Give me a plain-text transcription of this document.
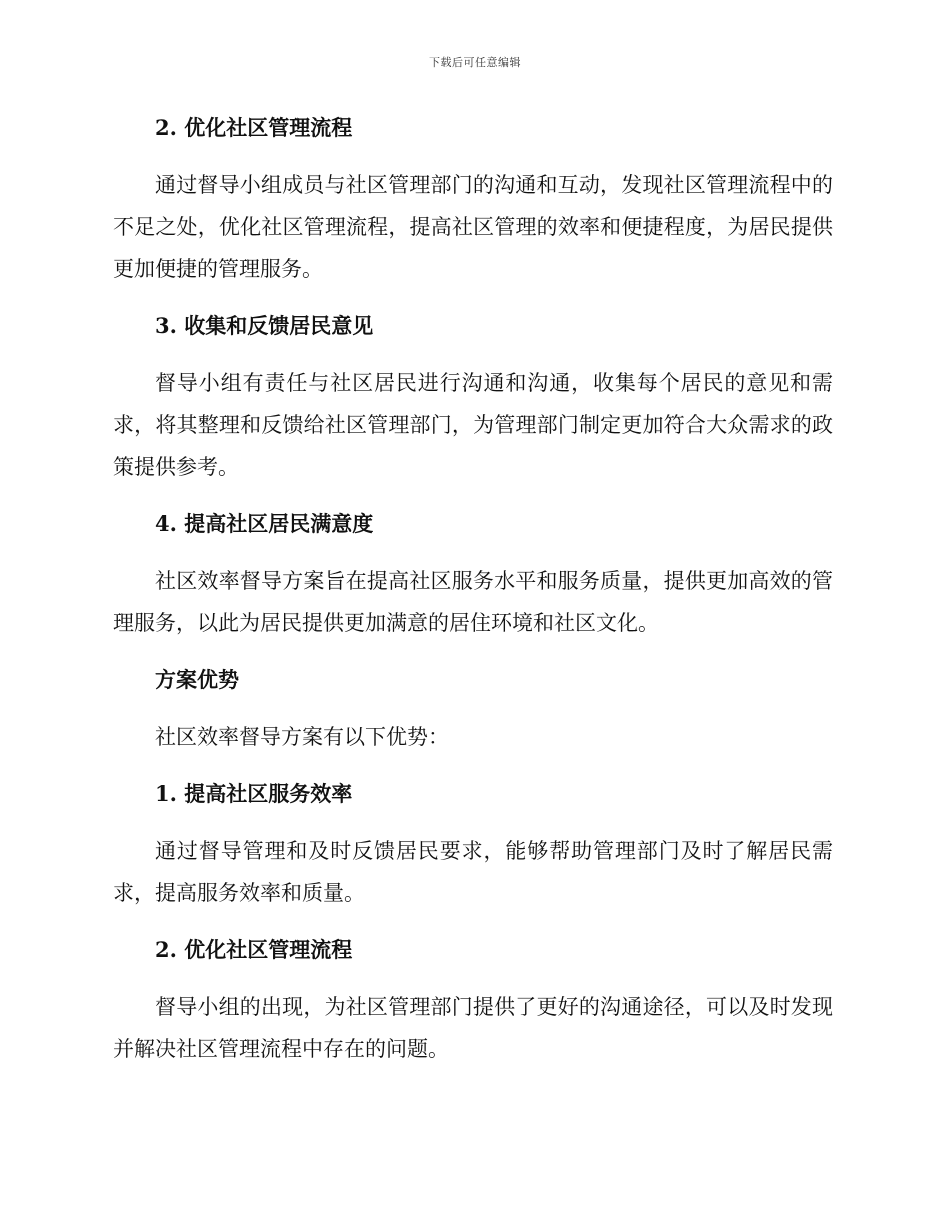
下载后可任意编辑
2. 优化社区管理流程
通过督导小组成员与社区管理部门的沟通和互动，发现社区管理流程中的不足之处，优化社区管理流程，提高社区管理的效率和便捷程度，为居民提供更加便捷的管理服务。
3. 收集和反馈居民意见
督导小组有责任与社区居民进行沟通和沟通，收集每个居民的意见和需求，将其整理和反馈给社区管理部门，为管理部门制定更加符合大众需求的政策提供参考。
4. 提高社区居民满意度
社区效率督导方案旨在提高社区服务水平和服务质量，提供更加高效的管理服务，以此为居民提供更加满意的居住环境和社区文化。
方案优势
社区效率督导方案有以下优势：
1. 提高社区服务效率
通过督导管理和及时反馈居民要求，能够帮助管理部门及时了解居民需求，提高服务效率和质量。
2. 优化社区管理流程
督导小组的出现，为社区管理部门提供了更好的沟通途径，可以及时发现并解决社区管理流程中存在的问题。
